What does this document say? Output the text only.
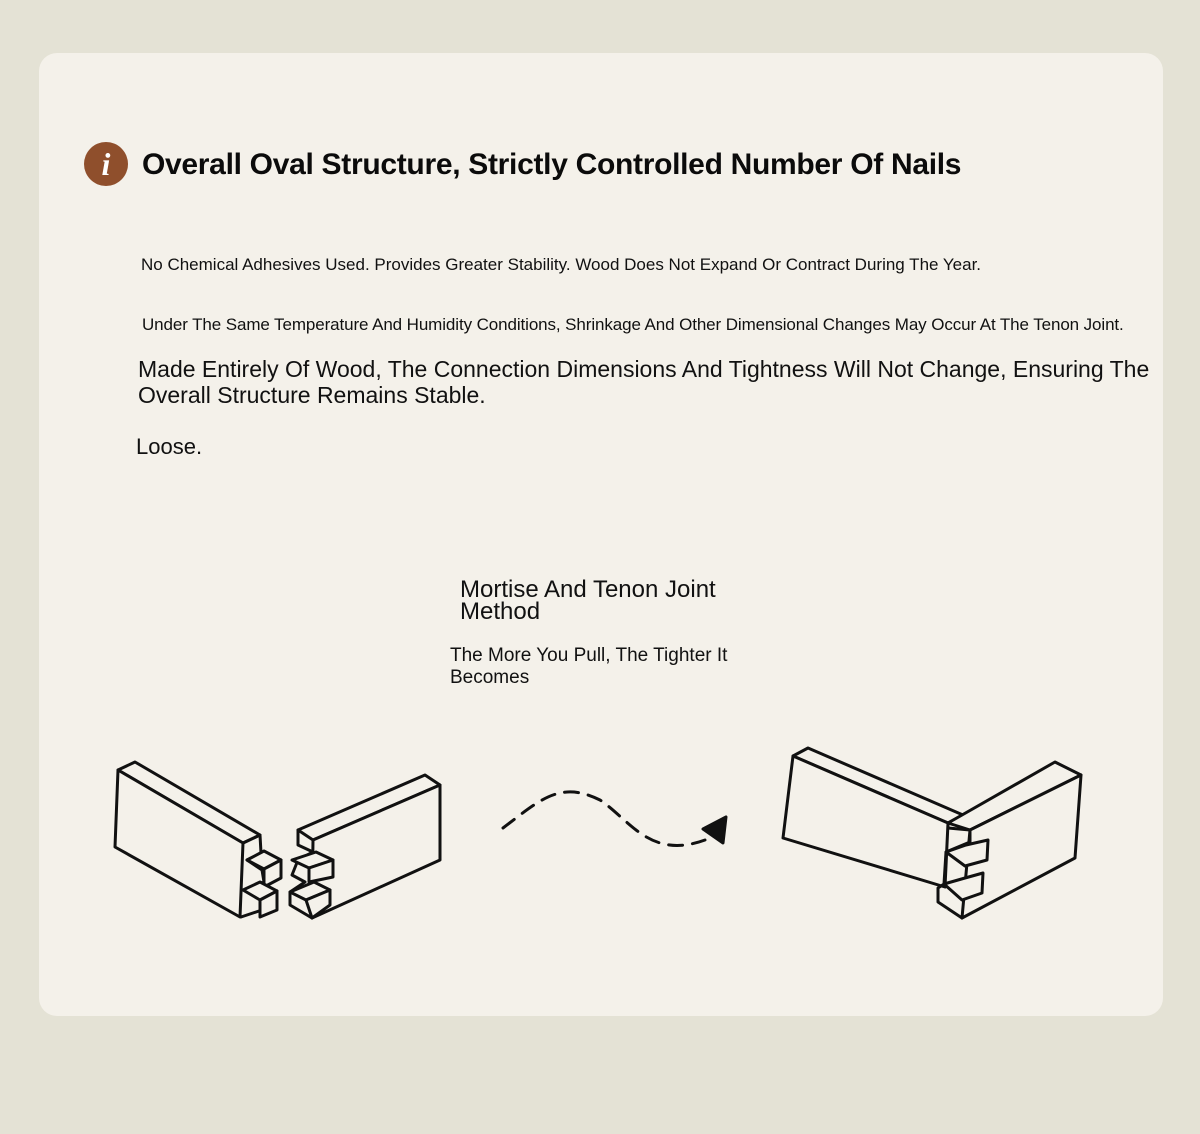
i Overall Oval Structure, Strictly Controlled Number Of Nails

No Chemical Adhesives Used. Provides Greater Stability. Wood Does Not Expand Or Contract During The Year.

Under The Same Temperature And Humidity Conditions, Shrinkage And Other Dimensional Changes May Occur At The Tenon Joint.

Made Entirely Of Wood, The Connection Dimensions And Tightness Will Not Change, Ensuring The Overall Structure Remains Stable.

Loose.

Mortise And Tenon Joint Method

The More You Pull, The Tighter It Becomes
